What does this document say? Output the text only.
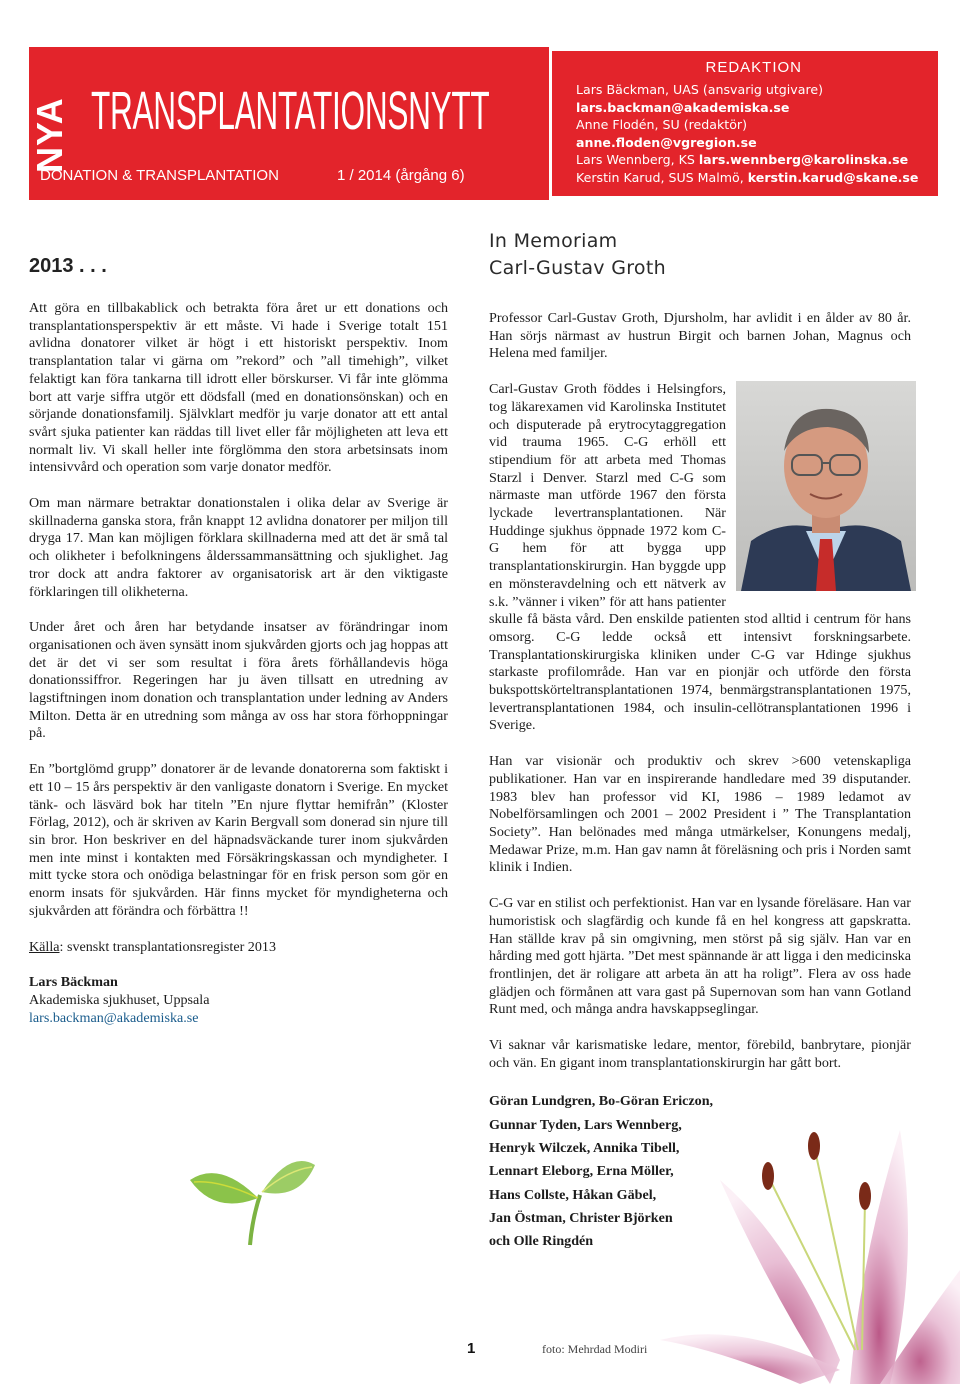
NYA TRANSPLANTATIONSNYTT
DONATION & TRANSPLANTATION	1 / 2014 (årgång 6)
REDAKTION
Lars Bäckman, UAS (ansvarig utgivare)
lars.backman@akademiska.se
Anne Flodén, SU (redaktör)
anne.floden@vgregion.se
Lars Wennberg, KS lars.wennberg@karolinska.se
Kerstin Karud, SUS Malmö, kerstin.karud@skane.se
2013 . . .

Att göra en tillbakablick och betrakta föra året ur ett donations och transplantationsperspektiv är ett måste. Vi hade i Sverige totalt 151 avlidna donatorer vilket är högt i ett historiskt perspektiv. Inom transplantation talar vi gärna om ”rekord” och ”all timehigh”, vilket felaktigt kan föra tankarna till idrott eller börskurser. Vi får inte glömma bort att varje siffra utgör ett dödsfall (med en donationsönskan) och en sörjande donationsfamilj. Självklart medför ju varje donator att ett antal svårt sjuka patienter kan räddas till livet eller får möjligheten att leva ett normalt liv. Vi skall heller inte förglömma den stora arbetsinsats inom intensivvård och operation som varje donator medför.

Om man närmare betraktar donationstalen i olika delar av Sverige är skillnaderna ganska stora, från knappt 12 avlidna donatorer per miljon till dryga 17. Man kan möjligen förklara skillnaderna med att det är små tal och olikheter i befolkningens ålderssammansättning och sjuklighet. Jag tror dock att andra faktorer av organisatorisk art är den viktigaste förklaringen till olikheterna.

Under året och åren har betydande insatser av förändringar inom organisationen och även synsätt inom sjukvården gjorts och jag hoppas att det är det vi ser som resultat i föra årets förhållandevis höga donationssiffror. Regeringen har ju även tillsatt en utredning av lagstiftningen inom donation och transplantation under ledning av Anders Milton. Detta är en utredning som många av oss har stora förhoppningar på.

En ”bortglömd grupp” donatorer är de levande donatorerna som faktiskt i ett 10 – 15 års perspektiv är den vanligaste donatorn i Sverige. En mycket tänk- och läsvärd bok har titeln ”En njure flyttar hemifrån” (Kloster Förlag, 2012), och är skriven av Karin Bergvall som donerad sin njure till sin bror. Hon beskriver en del häpnadsväckande turer inom sjukvården men inte minst i kontakten med Försäkringskassan och myndigheter. I mitt tycke stora och onödiga belastningar för en frisk person som gör en enorm insats för sjukvården. Här finns mycket för myndigheterna och sjukvården att förändra och förbättra !!

Källa: svenskt transplantationsregister 2013

Lars Bäckman
Akademiska sjukhuset, Uppsala
lars.backman@akademiska.se
In Memoriam
Carl-Gustav Groth

Professor Carl-Gustav Groth, Djursholm, har avlidit i en ålder av 80 år. Han sörjs närmast av hustrun Birgit och barnen Johan, Magnus och Helena med familjer.

Carl-Gustav Groth föddes i Helsingfors, tog läkarexamen vid Karolinska Institutet och disputerade på erytrocytaggregation vid trauma 1965. C-G erhöll ett stipendium för att arbeta med Thomas Starzl i Denver. Starzl med C-G som närmaste man utförde 1967 den första lyckade levertransplantationen. När Huddinge sjukhus öppnade 1972 kom C-G hem för att bygga upp transplantationskirurgin. Han byggde upp en mönsteravdelning och ett nätverk av s.k. ”vänner i viken” för att hans patienter skulle få bästa vård. Den enskilde patienten stod alltid i centrum för hans omsorg. C-G ledde också ett intensivt forskningsarbete. Transplantationskirurgiska kliniken under C-G var Hdinge sjukhus starkaste profilområde. Han var en pionjär och utförde den första bukspottskörteltransplantationen 1974, benmärgstransplantationen 1975, levertransplantationen 1984, och insulin-cellötransplantationen 1996 i Sverige.

Han var visionär och produktiv och skrev >600 vetenskapliga publikationer. Han var en inspirerande handledare med 39 disputander. 1983 blev han professor vid KI, 1986 – 1989 ledamot av Nobelförsamlingen och 2001 – 2002 President i ” The Transplantation Society”. Han belönades med många utmärkelser, Konungens medalj, Medawar Prize, m.m. Han gav namn åt föreläsning och pris i Norden samt klinik i Indien.

C-G var en stilist och perfektionist. Han var en lysande föreläsare. Han var humoristisk och slagfärdig och kunde få en hel kongress att gapskratta. Han ställde krav på sin omgivning, men störst på sig själv. Han var en hårding med gott hjärta. ”Det mest spännande är att ligga i den medicinska frontlinjen, det är roligare att arbeta än att ha roligt”. Flera av oss hade glädjen och förmånen att vara gast på Supernovan som han vann Gotland Runt med, och många andra havskappseglingar.

Vi saknar vår karismatiske ledare, mentor, förebild, banbrytare, pionjär och vän. En gigant inom transplantationskirurgin har gått bort.

Göran Lundgren, Bo-Göran Ericzon,
Gunnar Tyden, Lars Wennberg,
Henryk Wilczek, Annika Tibell,
Lennart Eleborg, Erna Möller,
Hans Collste, Håkan Gäbel,
Jan Östman, Christer Björken
och Olle Ringdén
1	foto: Mehrdad Modiri
